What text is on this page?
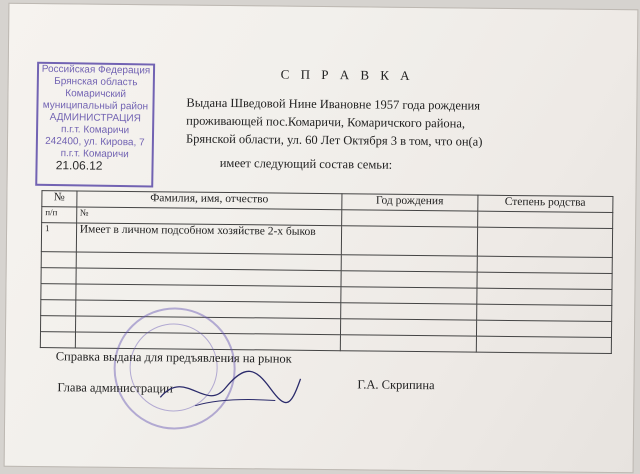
Российская Федерация
Брянская область
Комаричский
муниципальный район
АДМИНИСТРАЦИЯ
п.г.т. Комаричи
242400, ул. Кирова, 7
п.г.т. Комаричи
21.06.12
С П Р А В К А
Выдана Шведовой Нине Ивановне 1957 года рождения
проживающей пос.Комаричи, Комаричского района,
Брянской области, ул. 60 Лет Октября 3 в том, что он(а)
имеет следующий состав семьи:
№	Фамилия, имя, отчество	Год рождения	Степень родства
п/п	№		
1	Имеет в личном подсобном хозяйстве 2-х быков		

Справка выдана для предъявления на рынок
Глава администрации	Г.А. Скрипина
